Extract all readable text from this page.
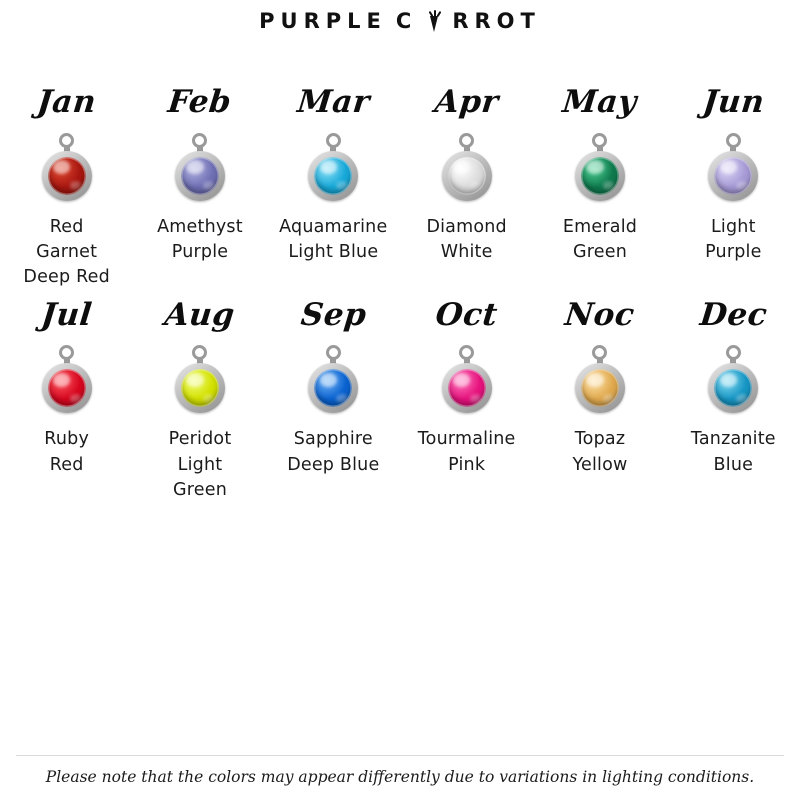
PURPLE C RROT
Jan
Red
Garnet
Deep Red
Feb
Amethyst
Purple
Mar
Aquamarine
Light Blue
Apr
Diamond
White
May
Emerald
Green
Jun
Light
Purple
Jul
Ruby
Red
Aug
Peridot
Light
Green
Sep
Sapphire
Deep Blue
Oct
Tourmaline
Pink
Noc
Topaz
Yellow
Dec
Tanzanite
Blue
Please note that the colors may appear differently due to variations in lighting conditions.
